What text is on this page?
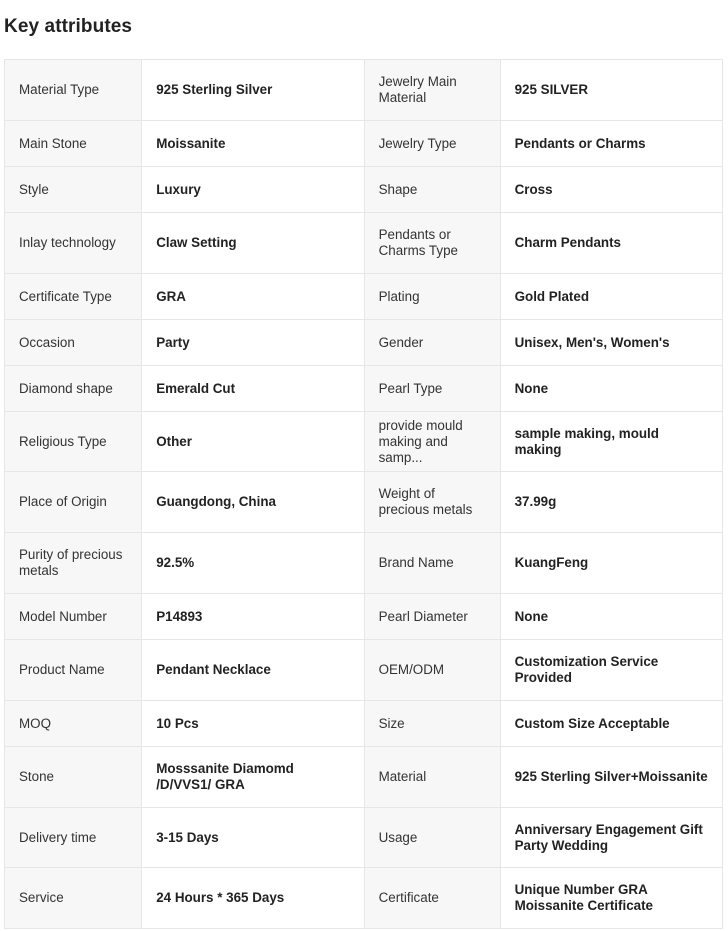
Key attributes
Material Type	925 Sterling Silver	Jewelry Main Material	925 SILVER
Main Stone	Moissanite	Jewelry Type	Pendants or Charms
Style	Luxury	Shape	Cross
Inlay technology	Claw Setting	Pendants or Charms Type	Charm Pendants
Certificate Type	GRA	Plating	Gold Plated
Occasion	Party	Gender	Unisex, Men's, Women's
Diamond shape	Emerald Cut	Pearl Type	None
Religious Type	Other	provide mould making and samp...	sample making, mould making
Place of Origin	Guangdong, China	Weight of precious metals	37.99g
Purity of precious metals	92.5%	Brand Name	KuangFeng
Model Number	P14893	Pearl Diameter	None
Product Name	Pendant Necklace	OEM/ODM	Customization Service Provided
MOQ	10 Pcs	Size	Custom Size Acceptable
Stone	Mosssanite Diamomd /D/VVS1/ GRA	Material	925 Sterling Silver+Moissanite
Delivery time	3-15 Days	Usage	Anniversary Engagement Gift Party Wedding
Service	24 Hours * 365 Days	Certificate	Unique Number GRA Moissanite Certificate
